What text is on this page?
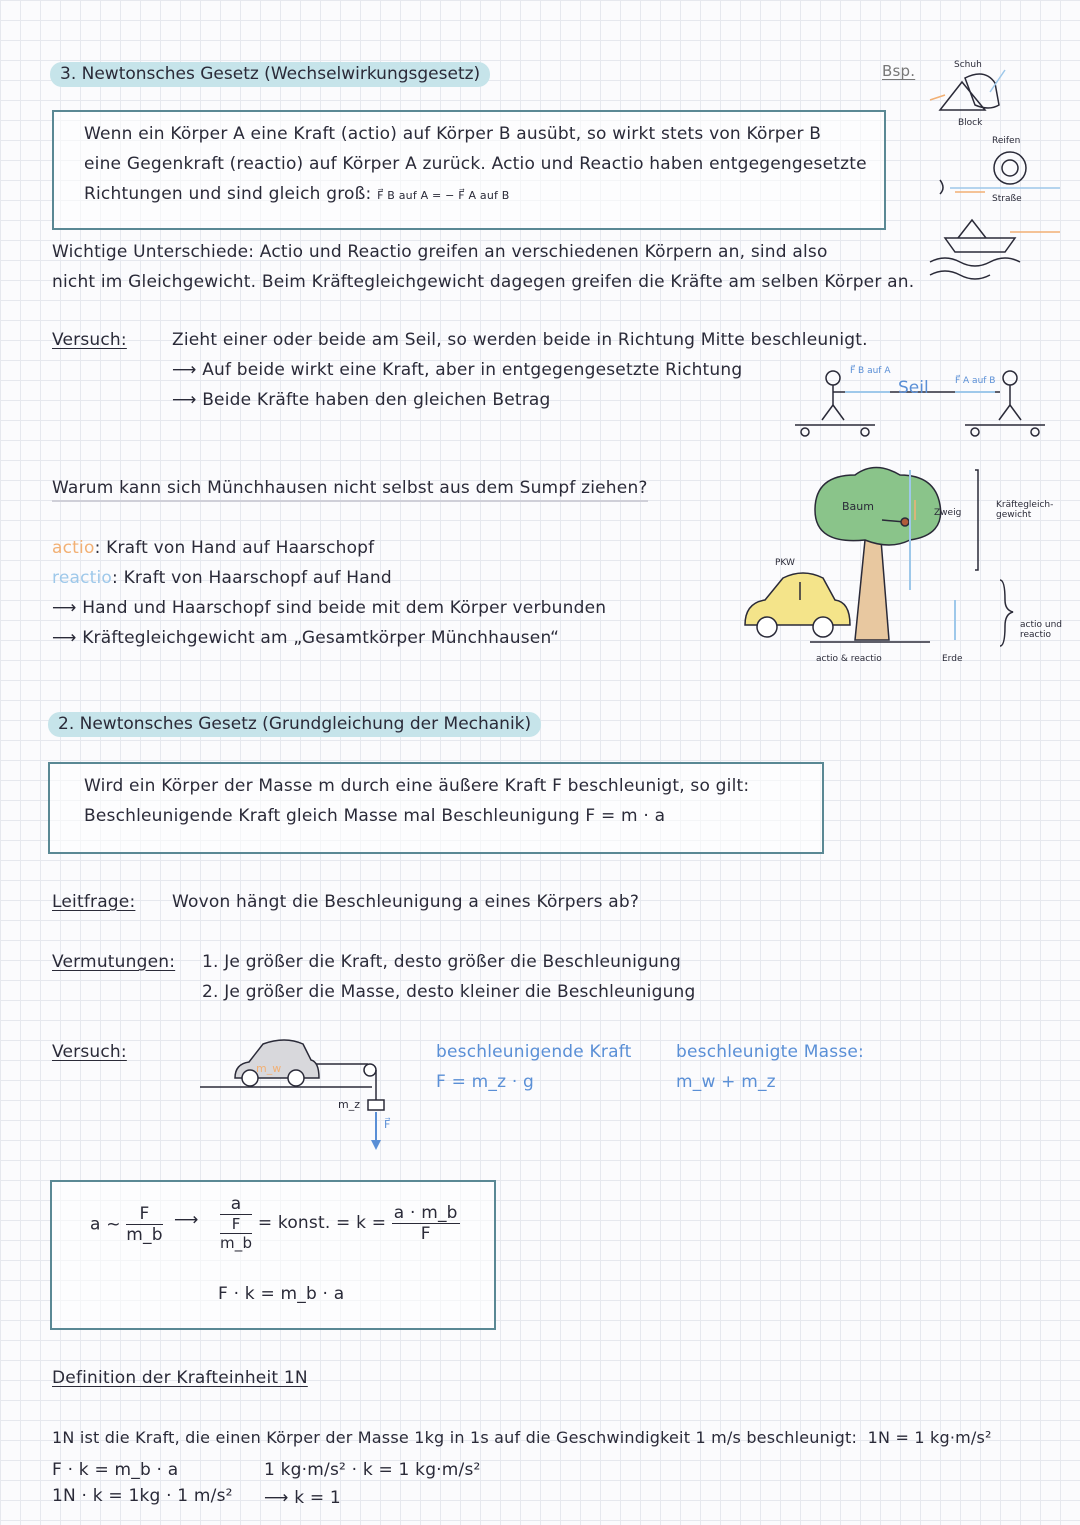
3. Newtonsches Gesetz (Wechselwirkungsgesetz)
Wenn ein Körper A eine Kraft (actio) auf Körper B ausübt, so wirkt stets von Körper B
eine Gegenkraft (reactio) auf Körper A zurück. Actio und Reactio haben entgegengesetzte
Richtungen und sind gleich groß: F⃗ B auf A = − F⃗ A auf B
Wichtige Unterschiede: Actio und Reactio greifen an verschiedenen Körpern an, sind also
nicht im Gleichgewicht. Beim Kräftegleichgewicht dagegen greifen die Kräfte am selben Körper an.
Versuch:	Zieht einer oder beide am Seil, so werden beide in Richtung Mitte beschleunigt.
⟶ Auf beide wirkt eine Kraft, aber in entgegengesetzte Richtung
⟶ Beide Kräfte haben den gleichen Betrag
Bsp.	Schuh
Block
Reifen
Straße
F⃗ B auf A
Seil	F⃗ A auf B
Warum kann sich Münchhausen nicht selbst aus dem Sumpf ziehen?
actio: Kraft von Hand auf Haarschopf
reactio: Kraft von Haarschopf auf Hand
⟶ Hand und Haarschopf sind beide mit dem Körper verbunden
⟶ Kräftegleichgewicht am „Gesamtkörper Münchhausen“
PKW
Baum	Zweig
Erde
actio & reactio
Kräftegleich-gewicht
actio und reactio
2. Newtonsches Gesetz (Grundgleichung der Mechanik)
Wird ein Körper der Masse m durch eine äußere Kraft F beschleunigt, so gilt:
Beschleunigende Kraft gleich Masse mal Beschleunigung F = m · a
Leitfrage: Wovon hängt die Beschleunigung a eines Körpers ab?
Vermutungen: 1. Je größer die Kraft, desto größer die Beschleunigung
2. Je größer die Masse, desto kleiner die Beschleunigung
Versuch:
m_w
m_z
F⃗
beschleunigende Kraft
F = m_z · g
beschleunigte Masse:
m_w + m_z
a ~ $\frac{F}{m\_b}$ ⟶ $\frac{a}{\frac{F}{m\_b}}$ = konst. = $k = \frac{a \cdot m\_b}{F}$
F · k = m_b · a
Definition der Krafteinheit 1N
1N ist die Kraft, die einen Körper der Masse 1kg in 1s auf die Geschwindigkeit 1 m/s beschleunigt: 1N = 1 kg·m/s²
F · k = m_b · a
1N · k = 1kg · 1 m/s²
1 kg·m/s² · k = 1 kg·m/s²
⟶ k = 1
